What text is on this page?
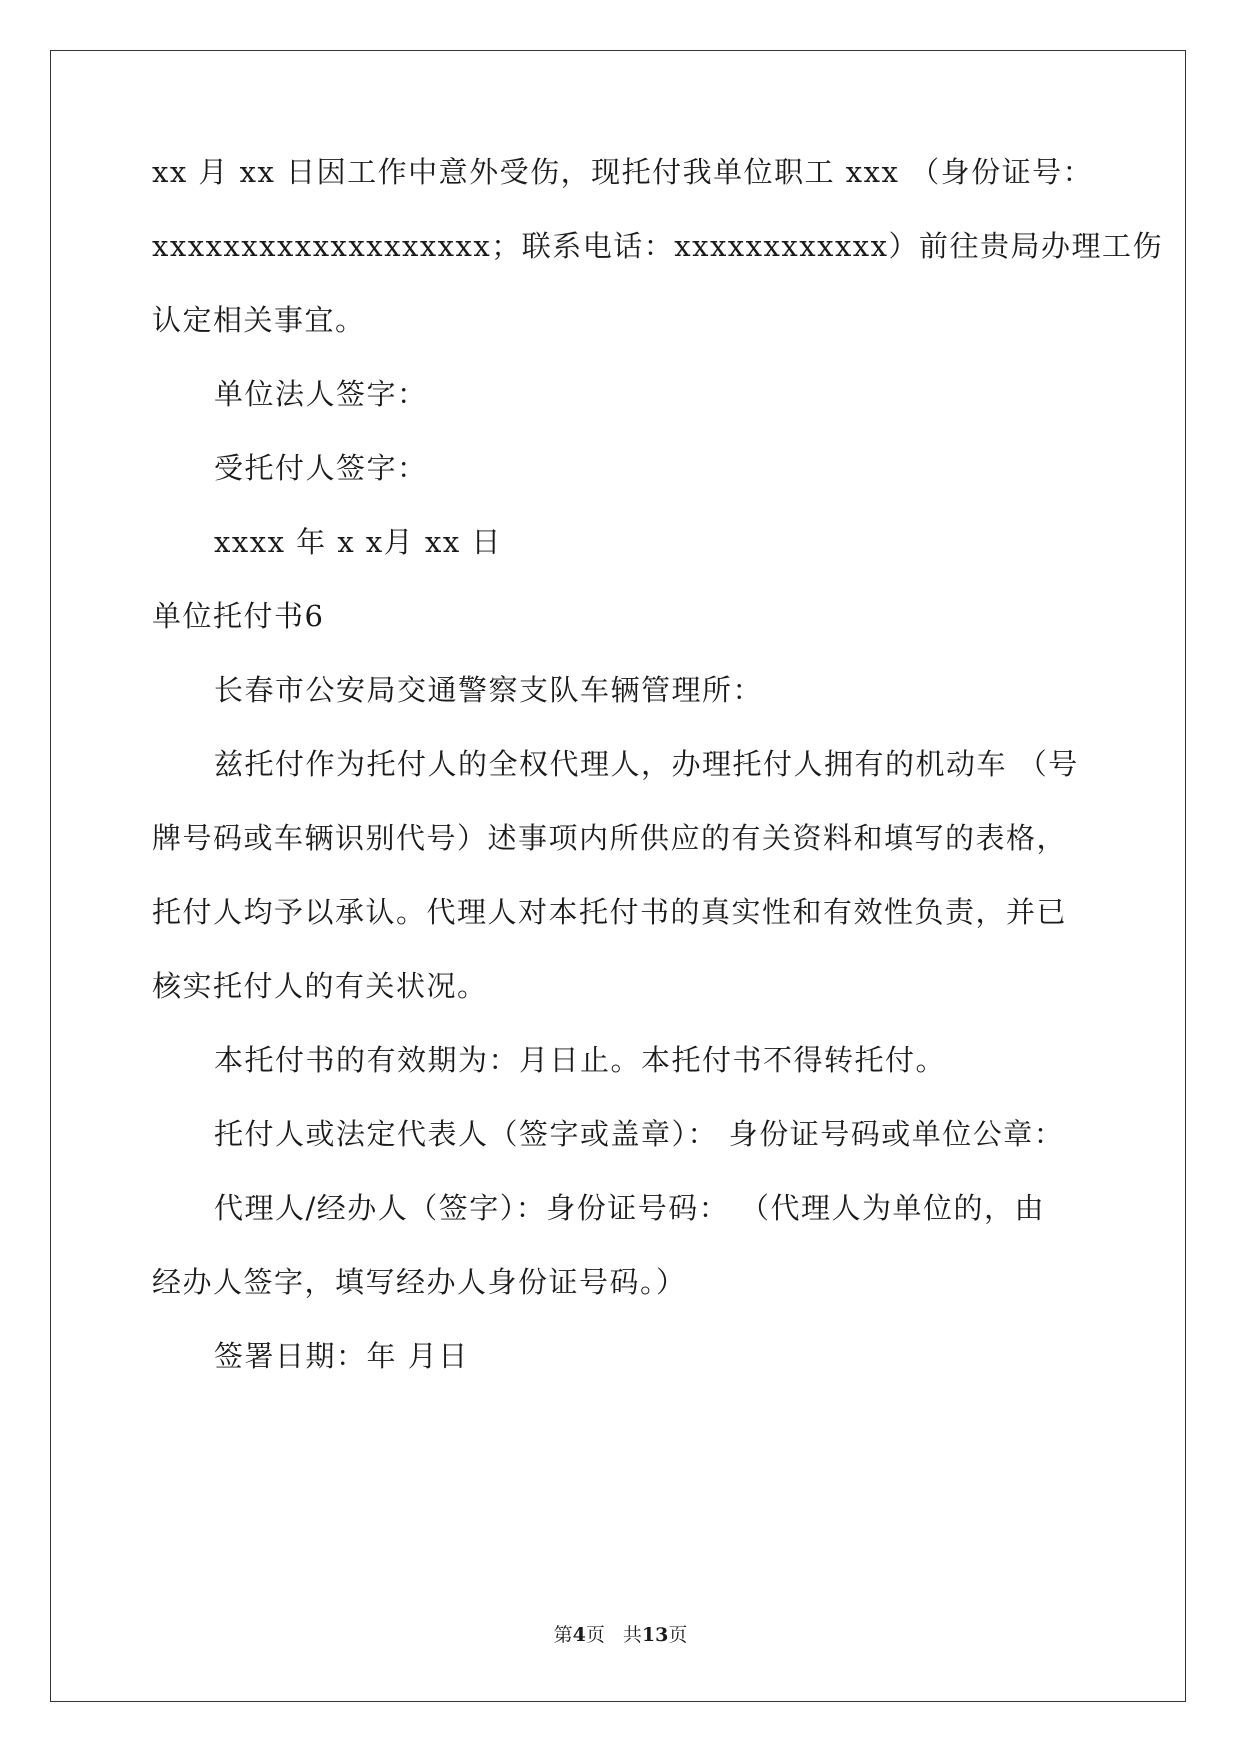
xx 月 xx 日因工作中意外受伤，现托付我单位职工 xxx （身份证号：
xxxxxxxxxxxxxxxxxxx；联系电话：xxxxxxxxxxxx）前往贵局办理工伤
认定相关事宜。
单位法人签字：
受托付人签字：
xxxx 年 x x月 xx 日
单位托付书6
长春市公安局交通警察支队车辆管理所：
兹托付作为托付人的全权代理人，办理托付人拥有的机动车 （号
牌号码或车辆识别代号）述事项内所供应的有关资料和填写的表格，
托付人均予以承认。代理人对本托付书的真实性和有效性负责，并已
核实托付人的有关状况。
本托付书的有效期为：月日止。本托付书不得转托付。
托付人或法定代表人（签字或盖章）： 身份证号码或单位公章：
代理人/经办人（签字）：身份证号码： （代理人为单位的，由
经办人签字，填写经办人身份证号码。）
签署日期：年 月日
第4页 共13页
